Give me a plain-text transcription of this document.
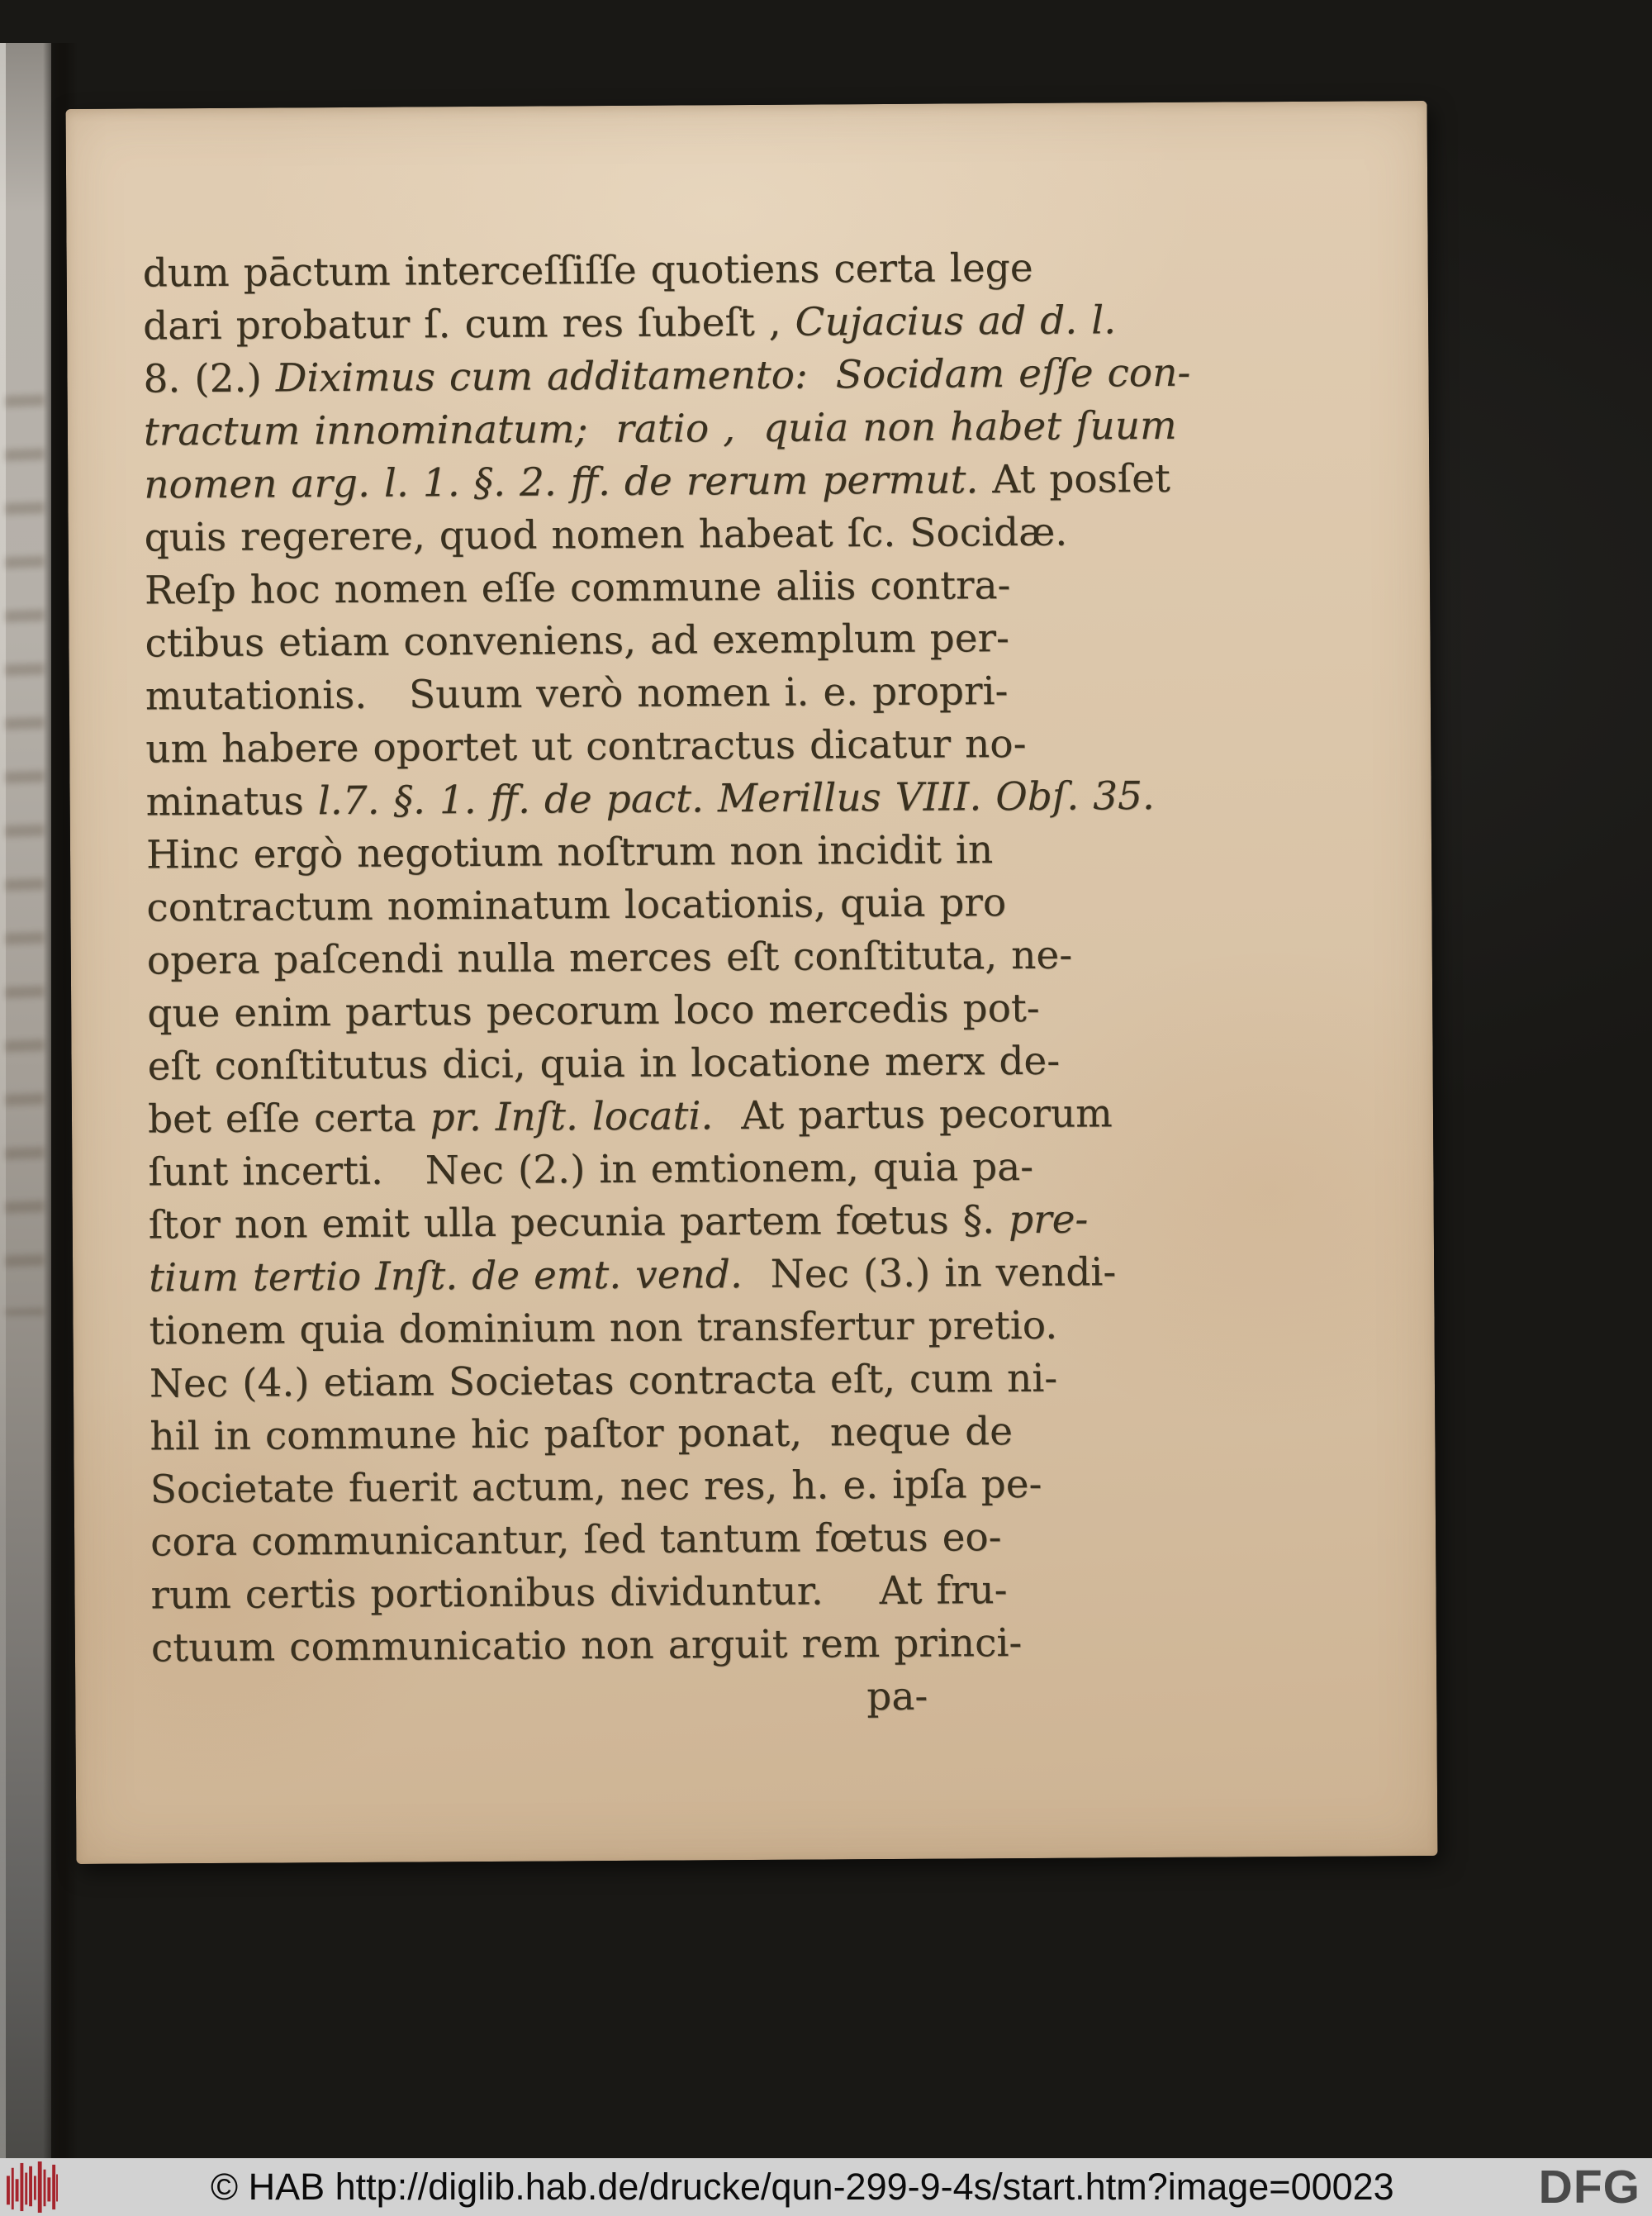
dum pāctum interceſſiſſe quotiens certa lege
dari probatur ſ. cum res ſubeſt , Cujacius ad d. l.
8. (2.) Diximus cum additamento:  Socidam eſſe con-
tractum innominatum;  ratio ,  quia non habet ſuum
nomen arg. l. 1. §. 2. ff. de rerum permut. At posſet
quis regerere, quod nomen habeat ſc. Socidæ.
Reſp hoc nomen eſſe commune aliis contra-
ctibus etiam conveniens, ad exemplum per-
mutationis.   Suum verò nomen i. e. propri-
um habere oportet ut contractus dicatur no-
minatus l.7. §. 1. ff. de pact. Merillus VIII. Obſ. 35.
Hinc ergò negotium noſtrum non incidit in
contractum nominatum locationis, quia pro
opera paſcendi nulla merces eſt conſtituta, ne-
que enim partus pecorum loco mercedis pot-
eſt conſtitutus dici, quia in locatione merx de-
bet eſſe certa pr. Inſt. locati.  At partus pecorum
ſunt incerti.   Nec (2.) in emtionem, quia pa-
ſtor non emit ulla pecunia partem fœtus §. pre-
tium tertio Inſt. de emt. vend.  Nec (3.) in vendi-
tionem quia dominium non transfertur pretio.
Nec (4.) etiam Societas contracta eſt, cum ni-
hil in commune hic paſtor ponat,  neque de
Societate fuerit actum, nec res, h. e. ipſa pe-
cora communicantur, ſed tantum fœtus eo-
rum certis portionibus dividuntur.    At fru-
ctuum communicatio non arguit rem princi-
pa-
© HAB http://diglib.hab.de/drucke/qun-299-9-4s/start.htm?image=00023	DFG
